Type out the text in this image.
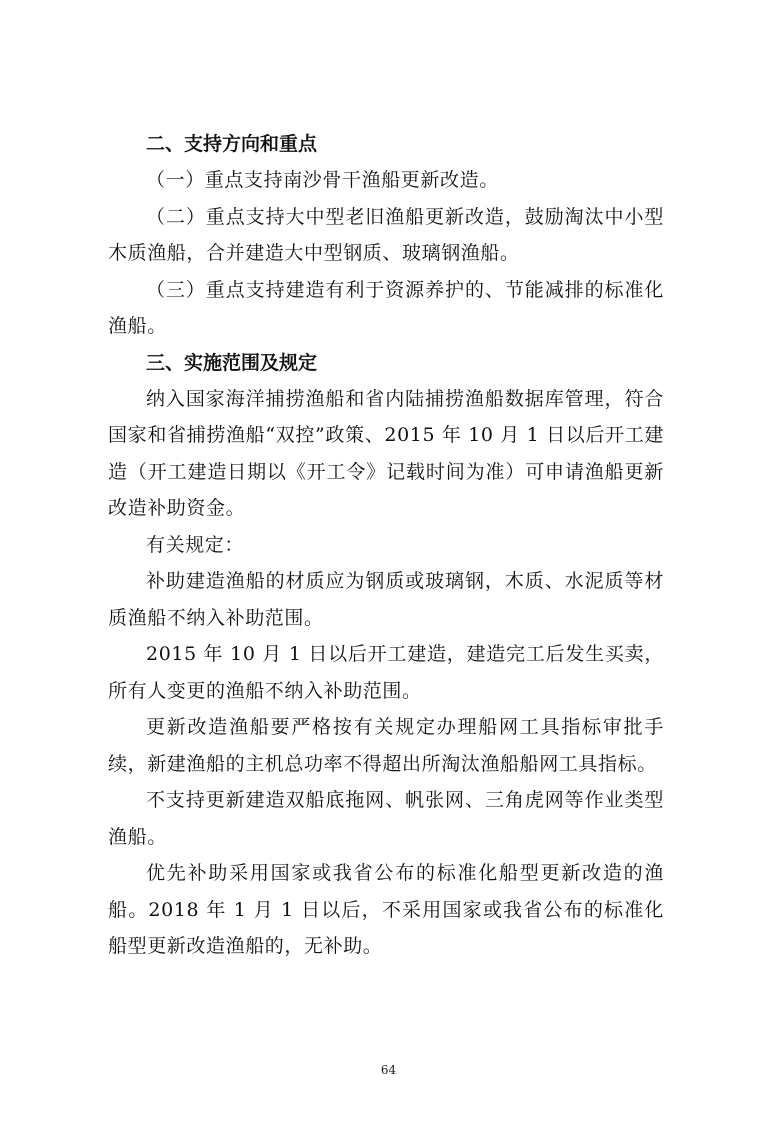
二、支持方向和重点

（一）重点支持南沙骨干渔船更新改造。

（二）重点支持大中型老旧渔船更新改造，鼓励淘汰中小型木质渔船，合并建造大中型钢质、玻璃钢渔船。

（三）重点支持建造有利于资源养护的、节能减排的标准化渔船。

三、实施范围及规定

纳入国家海洋捕捞渔船和省内陆捕捞渔船数据库管理，符合国家和省捕捞渔船“双控”政策、2015 年 10 月 1 日以后开工建造（开工建造日期以《开工令》记载时间为准）可申请渔船更新改造补助资金。

有关规定：

补助建造渔船的材质应为钢质或玻璃钢，木质、水泥质等材质渔船不纳入补助范围。

2015 年 10 月 1 日以后开工建造，建造完工后发生买卖，所有人变更的渔船不纳入补助范围。

更新改造渔船要严格按有关规定办理船网工具指标审批手续，新建渔船的主机总功率不得超出所淘汰渔船船网工具指标。

不支持更新建造双船底拖网、帆张网、三角虎网等作业类型渔船。

优先补助采用国家或我省公布的标准化船型更新改造的渔船。2018 年 1 月 1 日以后，不采用国家或我省公布的标准化船型更新改造渔船的，无补助。

64
